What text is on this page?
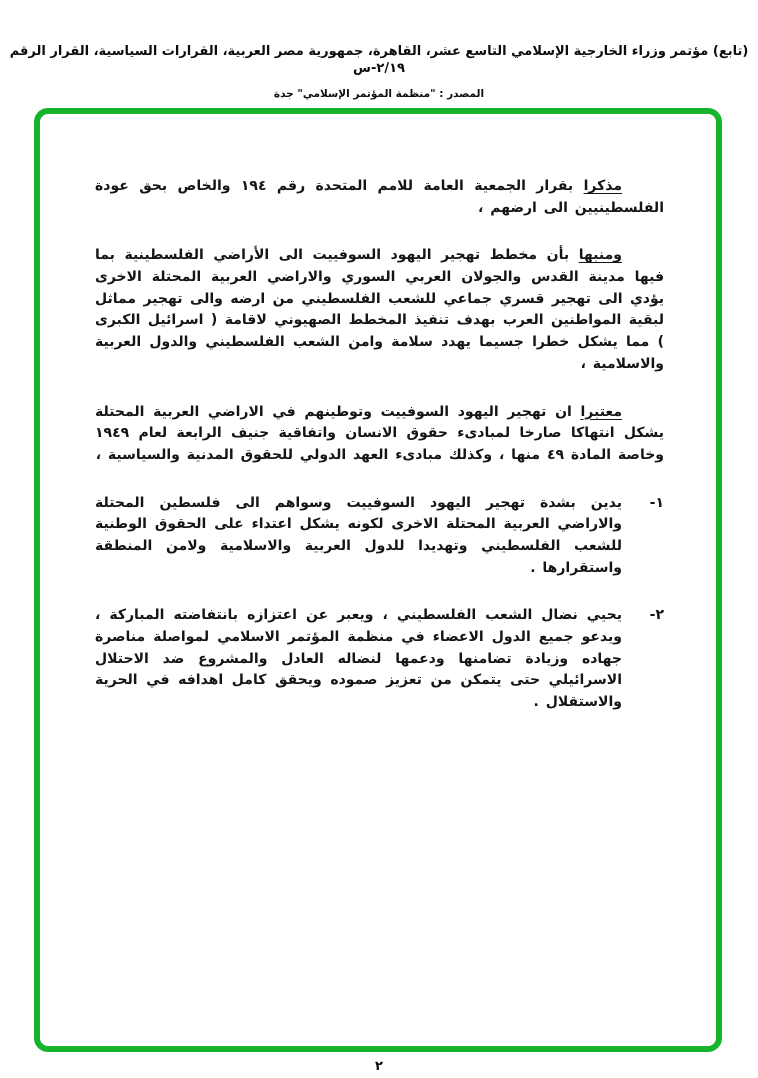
(تابع) مؤتمر وزراء الخارجية الإسلامي التاسع عشر، القاهرة، جمهورية مصر العربية، القرارات السياسية، القرار الرقم ٢/١٩-س
المصدر : "منظمة المؤتمر الإسلامي" جدة

مذكرا بقرار الجمعية العامة للامم المتحدة رقم ١٩٤ والخاص بحق عودة الفلسطينيين الى ارضهم ،

ومنبها بأن مخطط تهجير اليهود السوفييت الى الأراضي الفلسطينية بما فيها مدينة القدس والجولان العربي السوري والاراضي العربية المحتلة الاخرى يؤدي الى تهجير قسري جماعي للشعب الفلسطيني من ارضه والى تهجير مماثل لبقية المواطنين العرب بهدف تنفيذ المخطط الصهيوني لاقامة ( اسرائيل الكبرى ) مما يشكل خطرا جسيما يهدد سلامة وامن الشعب الفلسطيني والدول العربية والاسلامية ،

معتبرا ان تهجير اليهود السوفييت وتوطينهم في الاراضي العربية المحتلة يشكل انتهاكا صارخا لمبادىء حقوق الانسان واتفاقية جنيف الرابعة لعام ١٩٤٩ وخاصة المادة ٤٩ منها ، وكذلك مبادىء العهد الدولي للحقوق المدنية والسياسية ،

١-
يدين بشدة تهجير اليهود السوفييت وسواهم الى فلسطين المحتلة والاراضي العربية المحتلة الاخرى لكونه يشكل اعتداء على الحقوق الوطنية للشعب الفلسطيني وتهديدا للدول العربية والاسلامية ولامن المنطقة واستقرارها .
٢-
يحيي نضال الشعب الفلسطيني ، ويعبر عن اعتزازه بانتفاضته المباركة ، ويدعو جميع الدول الاعضاء في منظمة المؤتمر الاسلامي لمواصلة مناصرة جهاده وزيادة تضامنها ودعمها لنضاله العادل والمشروع ضد الاحتلال الاسرائيلي حتى يتمكن من تعزيز صموده ويحقق كامل اهدافه في الحرية والاستقلال .
٢
